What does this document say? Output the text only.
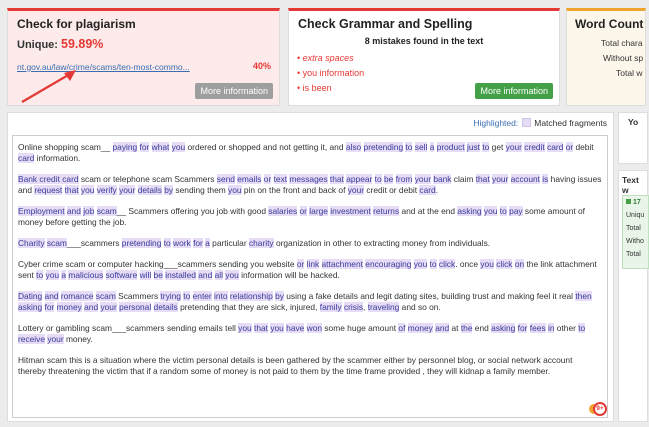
Check for plagiarism
Unique: 59.89%
nt.gov.au/law/crime/scams/ten-most-commo...	40%
More information
Check Grammar and Spelling
8 mistakes found in the text
• extra spaces
• you information
• is been	More information
Word Count
Total chara
Without sp
Total w
Highlighted: Matched fragments

Online shopping scam__ paying for what you ordered or shopped and not getting it, and also pretending to sell a product just to get your credit card or debit card information.

Bank credit card scam or telephone scam Scammers send emails or text messages that appear to be from your bank claim that your account is having issues and request that you verify your details by sending them you pin on the front and back of your credit or debit card.

Employment and job scam__ Scammers offering you job with good salaries or large investment returns and at the end asking you to pay some amount of money before getting the job.

Charity scam___scammers pretending to work for a particular charity organization in other to extracting money from individuals.

Cyber crime scam or computer hacking___scammers sending you website or link attachment encouraging you to click. once you click on the link attachment sent to you a malicious software will be installed and all you information will be hacked.

Dating and romance scam Scammers trying to enter into relationship by using a fake details and legit dating sites, building trust and making feel it real then asking for money and your personal details pretending that they are sick, injured, family crisis, traveling and so on.

Lottery or gambling scam___scammers sending emails tell you that you have won some huge amount of money and at the end asking for fees in other to receive your money.

Hitman scam this is a situation where the victim personal details is been gathered by the scammer either by personnel blog, or social network account thereby threatening the victim that if a random some of money is not paid to them by the time frame provided , they will kidnap a family member.

9+
Yo
Text w
17
Uniqu
Total
Witho
Total
